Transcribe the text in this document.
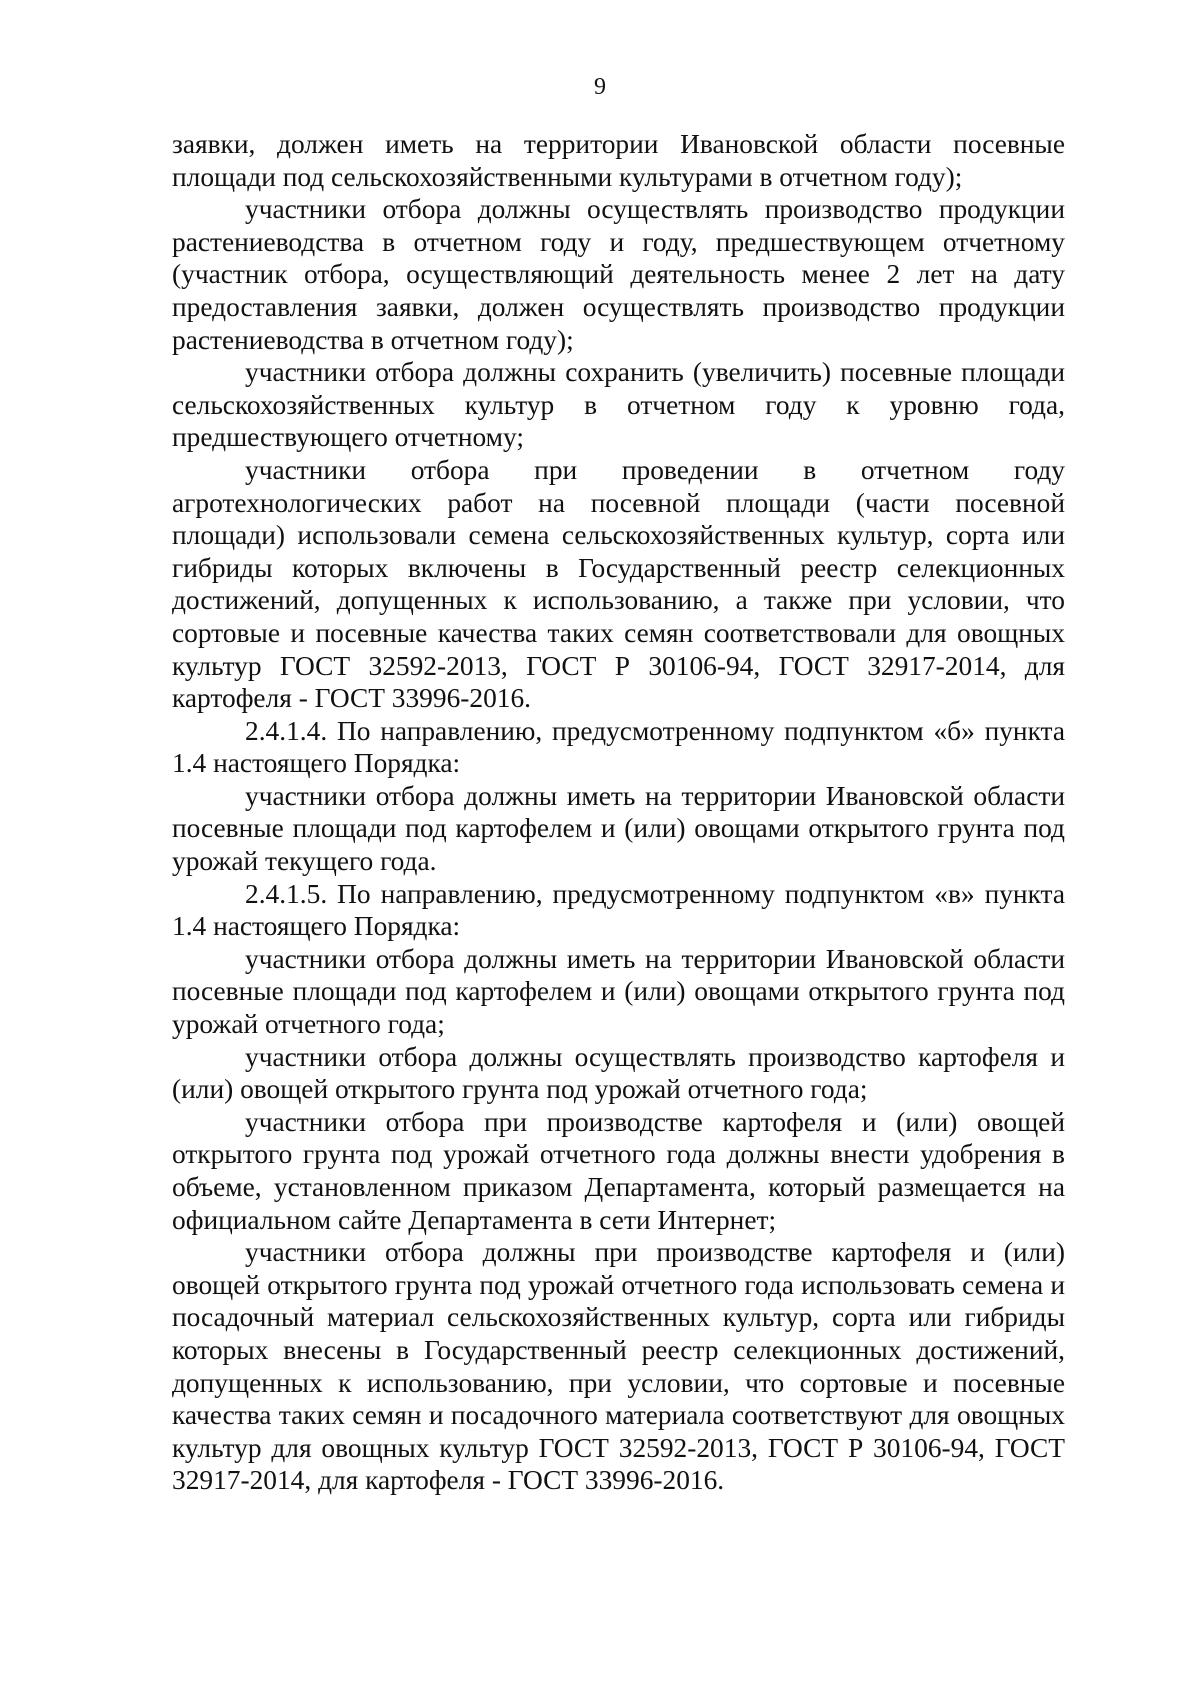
9

заявки, должен иметь на территории Ивановской области посевные площади под сельскохозяйственными культурами в отчетном году);

участники отбора должны осуществлять производство продукции растениеводства в отчетном году и году, предшествующем отчетному (участник отбора, осуществляющий деятельность менее 2 лет на дату предоставления заявки, должен осуществлять производство продукции растениеводства в отчетном году);

участники отбора должны сохранить (увеличить) посевные площади сельскохозяйственных культур в отчетном году к уровню года, предшествующего отчетному;

участники отбора при проведении в отчетном году агротехнологических работ на посевной площади (части посевной площади) использовали семена сельскохозяйственных культур, сорта или гибриды которых включены в Государственный реестр селекционных достижений, допущенных к использованию, а также при условии, что сортовые и посевные качества таких семян соответствовали для овощных культур ГОСТ 32592-2013, ГОСТ Р 30106-94, ГОСТ 32917-2014, для картофеля - ГОСТ 33996-2016.

2.4.1.4. По направлению, предусмотренному подпунктом «б» пункта 1.4 настоящего Порядка:

участники отбора должны иметь на территории Ивановской области посевные площади под картофелем и (или) овощами открытого грунта под урожай текущего года.

2.4.1.5. По направлению, предусмотренному подпунктом «в» пункта 1.4 настоящего Порядка:

участники отбора должны иметь на территории Ивановской области посевные площади под картофелем и (или) овощами открытого грунта под урожай отчетного года;

участники отбора должны осуществлять производство картофеля и (или) овощей открытого грунта под урожай отчетного года;

участники отбора при производстве картофеля и (или) овощей открытого грунта под урожай отчетного года должны внести удобрения в объеме, установленном приказом Департамента, который размещается на официальном сайте Департамента в сети Интернет;

участники отбора должны при производстве картофеля и (или) овощей открытого грунта под урожай отчетного года использовать семена и посадочный материал сельскохозяйственных культур, сорта или гибриды которых внесены в Государственный реестр селекционных достижений, допущенных к использованию, при условии, что сортовые и посевные качества таких семян и посадочного материала соответствуют для овощных культур для овощных культур ГОСТ 32592-2013, ГОСТ Р 30106-94, ГОСТ 32917-2014, для картофеля - ГОСТ 33996-2016.
